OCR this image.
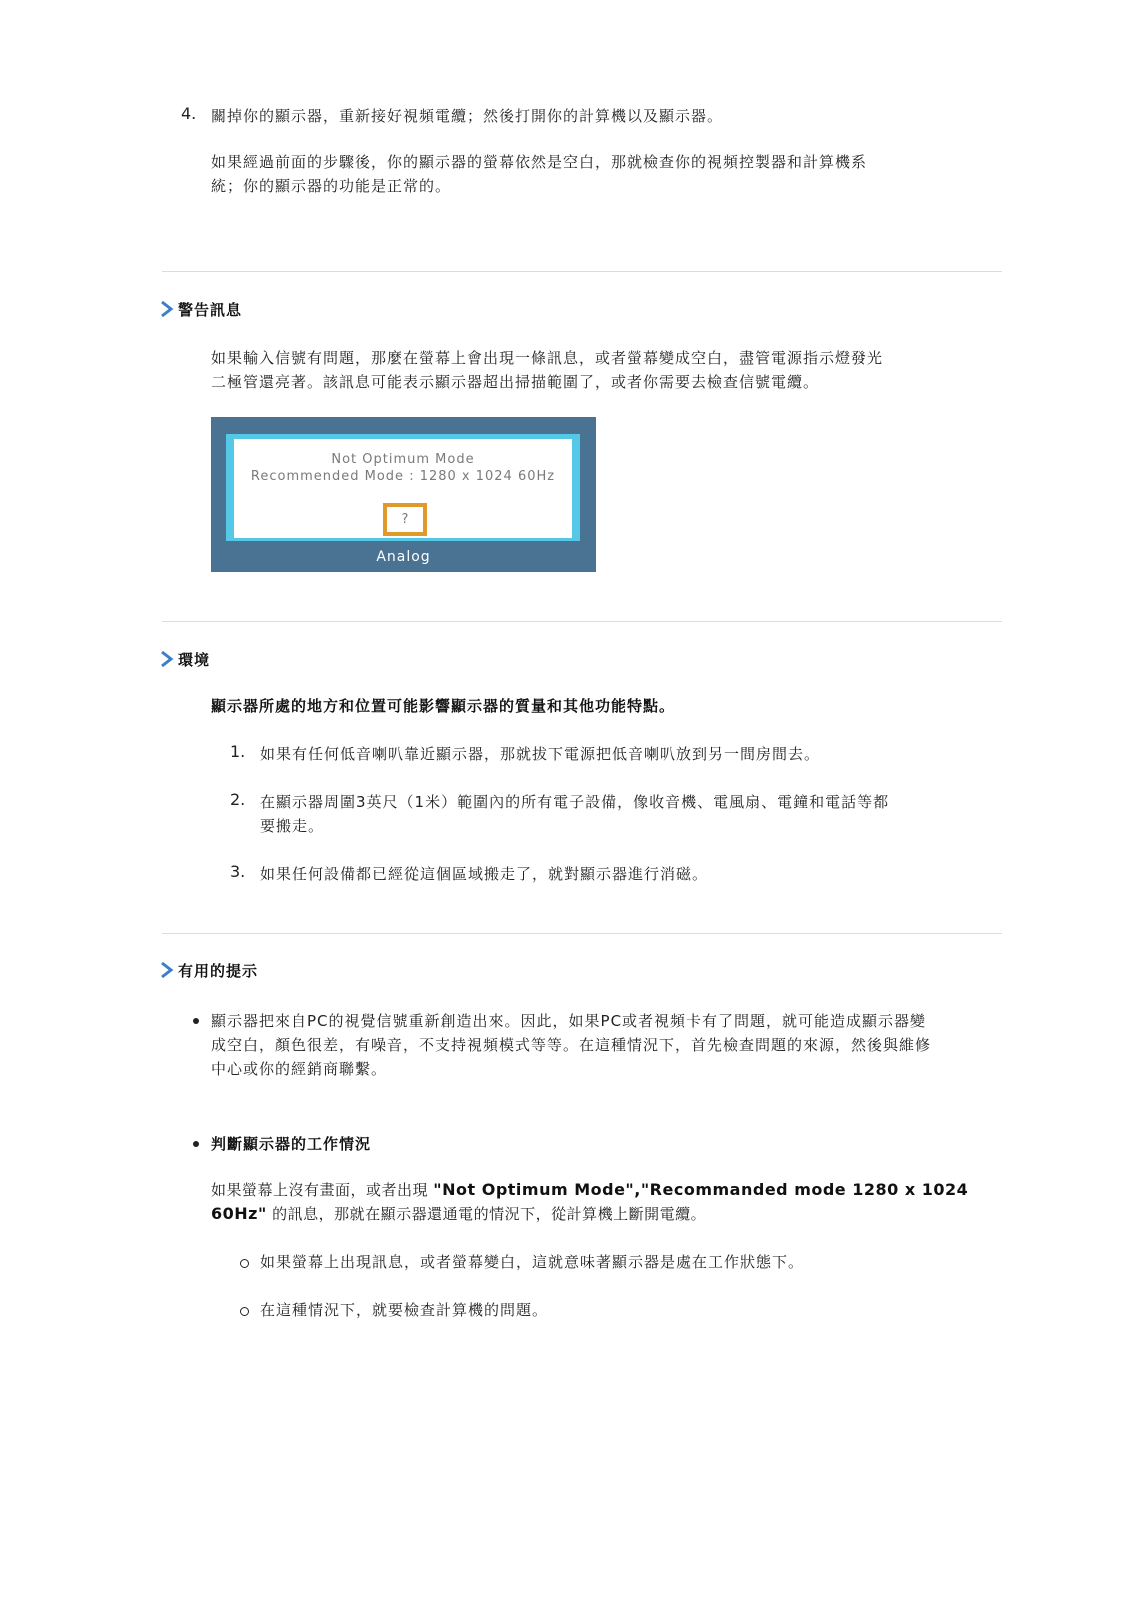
4. 關掉你的顯示器，重新接好視頻電纜；然後打開你的計算機以及顯示器。

如果經過前面的步驟後，你的顯示器的螢幕依然是空白，那就檢查你的視頻控製器和計算機系

統；你的顯示器的功能是正常的。

警告訊息

如果輸入信號有問題，那麼在螢幕上會出現一條訊息，或者螢幕變成空白，盡管電源指示燈發光

二極管還亮著。該訊息可能表示顯示器超出掃描範圍了，或者你需要去檢查信號電纜。

Not Optimum Mode
Recommended Mode : 1280 x 1024 60Hz
?
Analog
環境

顯示器所處的地方和位置可能影響顯示器的質量和其他功能特點。

1. 如果有任何低音喇叭靠近顯示器，那就拔下電源把低音喇叭放到另一間房間去。

2. 在顯示器周圍3英尺（1米）範圍內的所有電子設備，像收音機、電風扇、電鐘和電話等都

要搬走。

3. 如果任何設備都已經從這個區域搬走了，就對顯示器進行消磁。

有用的提示

顯示器把來自PC的視覺信號重新創造出來。因此，如果PC或者視頻卡有了問題，就可能造成顯示器變

成空白，顏色很差，有噪音，不支持視頻模式等等。在這種情況下，首先檢查問題的來源，然後與維修

中心或你的經銷商聯繫。

判斷顯示器的工作情況

如果螢幕上沒有畫面，或者出現 "Not Optimum Mode","Recommanded mode 1280 x 1024

60Hz" 的訊息，那就在顯示器還通電的情況下，從計算機上斷開電纜。

如果螢幕上出現訊息，或者螢幕變白，這就意味著顯示器是處在工作狀態下。

在這種情況下，就要檢查計算機的問題。
